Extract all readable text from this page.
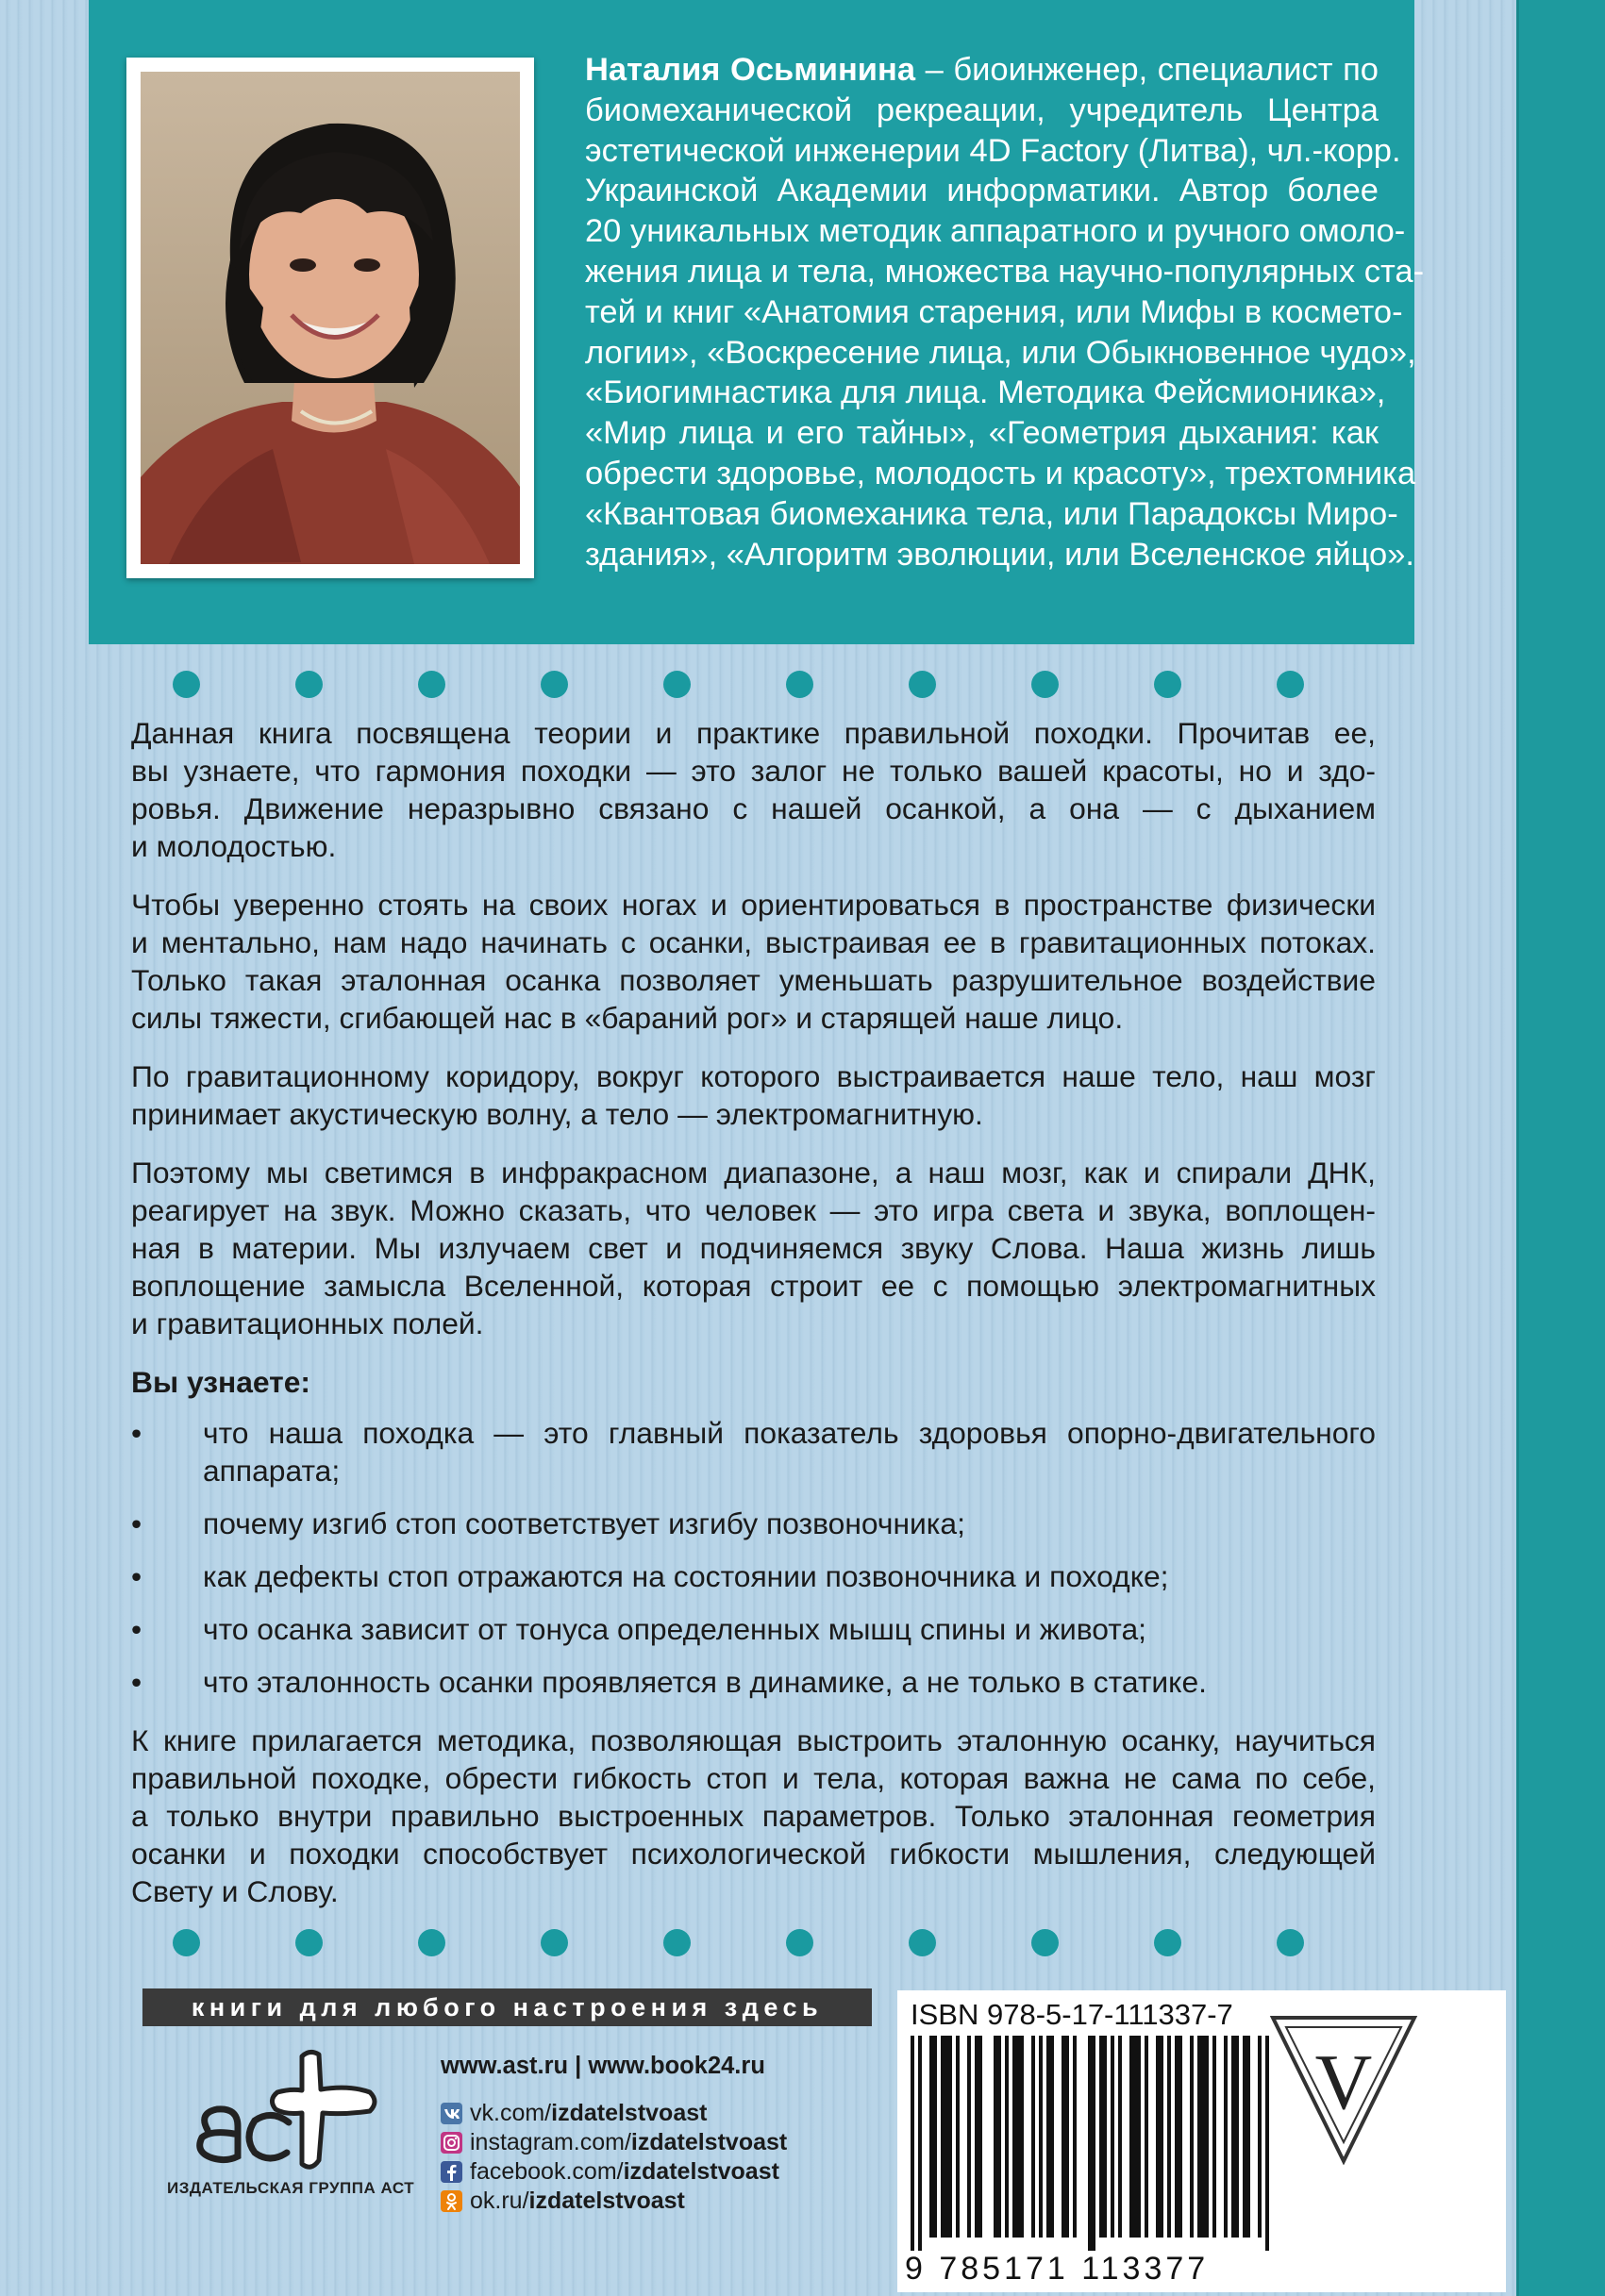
Наталия Осьминина – биоинженер, специалист по
биомеханической рекреации, учредитель Центра
эстетической инженерии 4D Factory (Литва), чл.-корр.
Украинской Академии информатики. Автор более
20 уникальных методик аппаратного и ручного омоло-
жения лица и тела, множества научно-популярных ста-
тей и книг «Анатомия старения, или Мифы в космето-
логии», «Воскресение лица, или Обыкновенное чудо»,
«Биогимнастика для лица. Методика Фейсмионика»,
«Мир лица и его тайны», «Геометрия дыхания: как
обрести здоровье, молодость и красоту», трехтомника
«Квантовая биомеханика тела, или Парадоксы Миро-
здания», «Алгоритм эволюции, или Вселенское яйцо».
Данная книга посвящена теории и практике правильной походки. Прочитав ее,
вы узнаете, что гармония походки — это залог не только вашей красоты, но и здо-
ровья. Движение неразрывно связано с нашей осанкой, а она — с дыханием
и молодостью.
Чтобы уверенно стоять на своих ногах и ориентироваться в пространстве физически
и ментально, нам надо начинать с осанки, выстраивая ее в гравитационных потоках.
Только такая эталонная осанка позволяет уменьшать разрушительное воздействие
силы тяжести, сгибающей нас в «бараний рог» и старящей наше лицо.
По гравитационному коридору, вокруг которого выстраивается наше тело, наш мозг
принимает акустическую волну, а тело — электромагнитную.
Поэтому мы светимся в инфракрасном диапазоне, а наш мозг, как и спирали ДНК,
реагирует на звук. Можно сказать, что человек — это игра света и звука, воплощен-
ная в материи. Мы излучаем свет и подчиняемся звуку Слова. Наша жизнь лишь
воплощение замысла Вселенной, которая строит ее с помощью электромагнитных
и гравитационных полей.
Вы узнаете:
• что наша походка — это главный показатель здоровья опорно-двигательного
аппарата;
• почему изгиб стоп соответствует изгибу позвоночника;
• как дефекты стоп отражаются на состоянии позвоночника и походке;
• что осанка зависит от тонуса определенных мышц спины и живота;
• что эталонность осанки проявляется в динамике, а не только в статике.
К книге прилагается методика, позволяющая выстроить эталонную осанку, научиться
правильной походке, обрести гибкость стоп и тела, которая важна не сама по себе,
а только внутри правильно выстроенных параметров. Только эталонная геометрия
осанки и походки способствует психологической гибкости мышления, следующей
Свету и Слову.
книги для любого настроения здесь
ИЗДАТЕЛЬСКАЯ ГРУППА АСТ
www.ast.ru | www.book24.ru
vk.com/ izdatelstvoast
instagram.com/ izdatelstvoast
facebook.com/ izdatelstvoast
ok.ru/ izdatelstvoast
ISBN 978-5-17-111337-7
9 785171 113377
V
